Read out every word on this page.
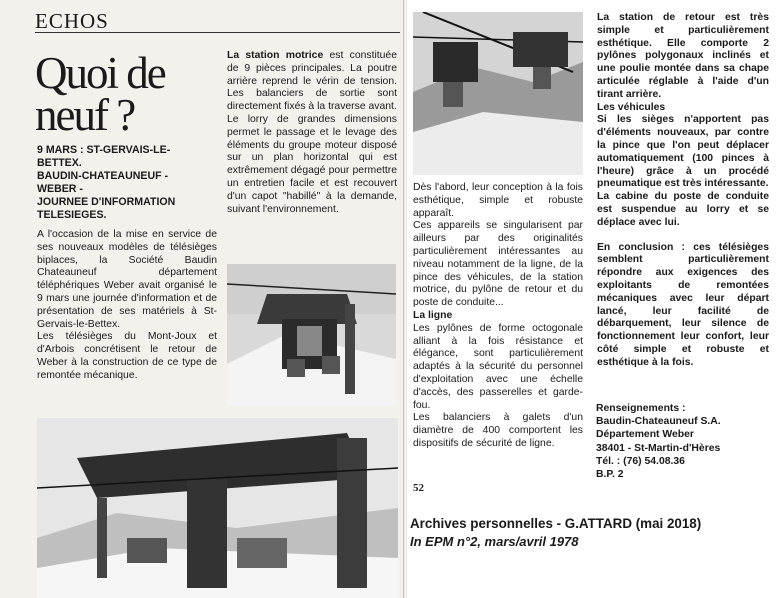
ECHOS
Quoi de
neuf ?
9 MARS : ST-GERVAIS-LE-
BETTEX.
BAUDIN-CHATEAUNEUF -
WEBER -
JOURNEE D'INFORMATION
TELESIEGES.

A l'occasion de la mise en service de ses nouveaux modèles de télésièges biplaces, la Société Baudin Chateauneuf département téléphériques Weber avait organisé le 9 mars une journée d'information et de présentation de ses matériels à St-Gervais-le-Bettex.

Les télésièges du Mont-Joux et d'Arbois concrétisent le retour de Weber à la construction de ce type de remontée mécanique.

La station motrice est constituée de 9 pièces principales. La poutre arrière reprend le vérin de tension. Les balanciers de sortie sont directement fixés à la traverse avant.

Le lorry de grandes dimensions permet le passage et le levage des éléments du groupe moteur disposé sur un plan horizontal qui est extrêmement dégagé pour permettre un entretien facile et est recouvert d'un capot "habillé" à la demande, suivant l'environnement.

Dès l'abord, leur conception à la fois esthétique, simple et robuste apparaît.

Ces appareils se singularisent par ailleurs par des originalités particulièrement intéressantes au niveau notamment de la ligne, de la pince des véhicules, de la station motrice, du pylône de retour et du poste de conduite...

La ligne

Les pylônes de forme octogonale alliant à la fois résistance et élégance, sont particulièrement adaptés à la sécurité du personnel d'exploitation avec une échelle d'accès, des passerelles et garde-fou.

Les balanciers à galets d'un diamètre de 400 comportent les dispositifs de sécurité de ligne.

52

La station de retour est très simple et particulièrement esthétique. Elle comporte 2 pylônes polygonaux inclinés et une poulie montée dans sa chape articulée réglable à l'aide d'un tirant arrière.

Les véhicules

Si les sièges n'apportent pas d'éléments nouveaux, par contre la pince que l'on peut déplacer automatiquement (100 pinces à l'heure) grâce à un procédé pneumatique est très intéressante.

La cabine du poste de conduite est suspendue au lorry et se déplace avec lui.

En conclusion : ces télésièges semblent particulièrement répondre aux exigences des exploitants de remontées mécaniques avec leur départ lancé, leur facilité de débarquement, leur silence de fonctionnement leur confort, leur côté simple et robuste et esthétique à la fois.

Renseignements :
Baudin-Chateauneuf S.A.
Département Weber
38401 - St-Martin-d'Hères
Tél. : (76) 54.08.36
B.P. 2
Archives personnelles - G.ATTARD (mai 2018)
In EPM n°2, mars/avril 1978
